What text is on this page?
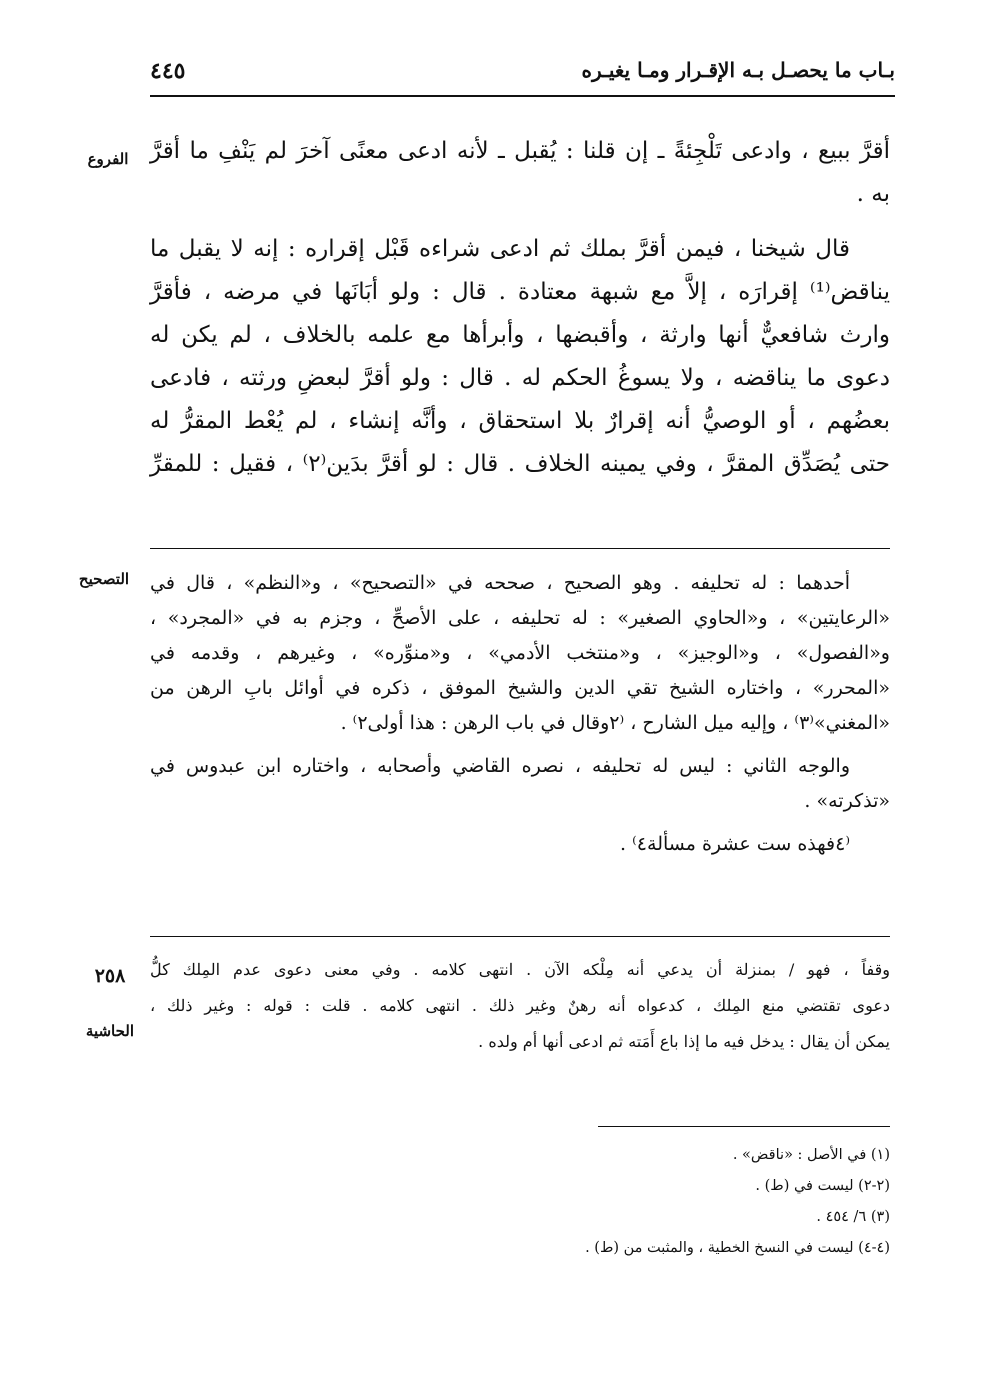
بـاب ما يحصـل بـه الإقـرار ومـا يغيـره
٤٤٥
الفروع
التصحيح
٢٥٨
الحاشية

أقرَّ ببيع ، وادعى تَلْجِئةً ـ إن قلنا : يُقبل ـ لأنه ادعى معنًى آخرَ لم يَنْفِ ما أقرَّ
به .

قال شيخنا ، فيمن أقرَّ بملك ثم ادعى شراءه قَبْل إقراره : إنه لا يقبل ما

يناقض⁽¹⁾ إقرارَه ، إلاَّ مع شبهة معتادة . قال : ولو أبَانَها في مرضه ، فأقرَّ
وارث شافعيٌّ أنها وارثة ، وأقبضها ، وأبرأها مع علمه بالخلاف ، لم يكن له
دعوى ما يناقضه ، ولا يسوغُ الحكم له . قال : ولو أقرَّ لبعضِ ورثته ، فادعى
بعضُهم ، أو الوصيُّ أنه إقرارٌ بلا استحقاق ، وأنَّه إنشاء ، لم يُعْط المقرُّ له
حتى يُصَدِّق المقرَّ ، وفي يمينه الخلاف . قال : لو أقرَّ بدَين⁽٢⁾ ، فقيل : للمقرِّ

أحدهما : له تحليفه . وهو الصحيح ، صححه في «التصحيح» ، و«النظم» ، قال في

«الرعايتين» ، و«الحاوي الصغير» : له تحليفه ، على الأصحِّ ، وجزم به في «المجرد» ،
و«الفصول» ، و«الوجيز» ، و«منتخب الأدمي» ، و«منوِّره» ، وغيرهم ، وقدمه في
«المحرر» ، واختاره الشيخ تقي الدين والشيخ الموفق ، ذكره في أوائل بابِ الرهن من
«المغني»⁽٣⁾ ، وإليه ميل الشارح ، ⁽٢وقال في باب الرهن : هذا أولى٢⁾ .

والوجه الثاني : ليس له تحليفه ، نصره القاضي وأصحابه ، واختاره ابن عبدوس في

«تذكرته» .

⁽٤فهذه ست عشرة مسألة٤⁾ .

وقفاً ، فهو / بمنزلة أن يدعي أنه مِلْكه الآن . انتهى كلامه . وفي معنى دعوى عدم المِلك كلُّ
دعوى تقتضي منع المِلك ، كدعواه أنه رهنٌ وغير ذلك . انتهى كلامه . قلت : قوله : وغير ذلك ،
يمكن أن يقال : يدخل فيه ما إذا باع أَمَته ثم ادعى أنها أم ولده .
(١) في الأصل : «ناقض» .
(٢-٢) ليست في (ط) .
(٣) ٦/ ٤٥٤ .
(٤-٤) ليست في النسخ الخطية ، والمثبت من (ط) .
